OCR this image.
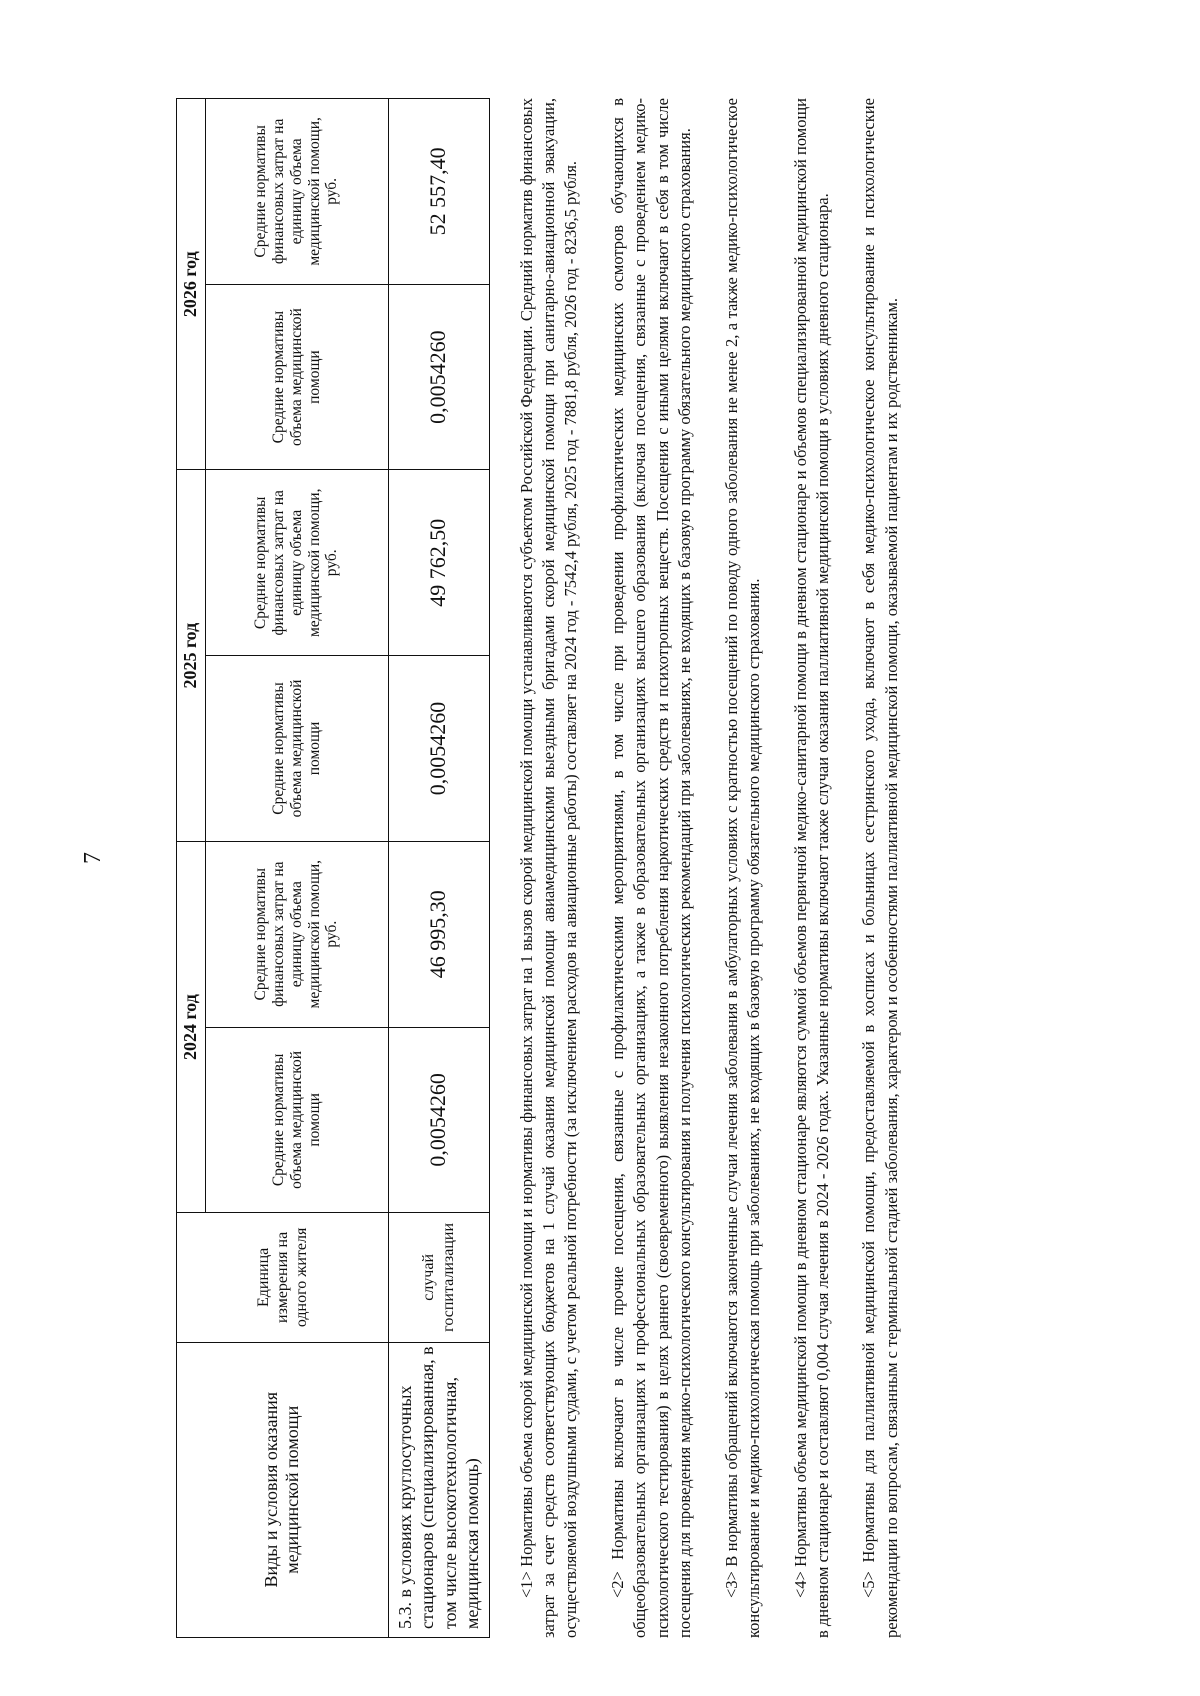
7
Виды и условия оказания медицинской помощи	Единица измерения на одного жителя	2024 год		2025 год		2026 год	
		Средние нормативы объема медицинской помощи	Средние нормативы финансовых затрат на единицу объема медицинской помощи, руб.	Средние нормативы объема медицинской помощи	Средние нормативы финансовых затрат на единицу объема медицинской помощи, руб.	Средние нормативы объема медицинской помощи	Средние нормативы финансовых затрат на единицу объема медицинской помощи, руб.
5.3. в условиях круглосуточных стационаров (специализированная, в том числе высокотехнологичная, медицинская помощь)	случай госпитализации	0,0054260	46 995,30	0,0054260	49 762,50	0,0054260	52 557,40	<1> Нормативы объема скорой медицинской помощи и нормативы финансовых затрат на 1 вызов скорой медицинской помощи устанавливаются субъектом Российской Федерации. Средний норматив финансовых затрат за счет средств соответствующих бюджетов на 1 случай оказания медицинской помощи авиамедицинскими выездными бригадами скорой медицинской помощи при санитарно-авиационной эвакуации, осуществляемой воздушными судами, с учетом реальной потребности (за исключением расходов на авиационные работы) составляет на 2024 год - 7542,4 рубля, 2025 год - 7881,8 рубля, 2026 год - 8236,5 рубля. <2> Нормативы включают в числе прочие посещения, связанные с профилактическими мероприятиями, в том числе при проведении профилактических медицинских осмотров обучающихся в общеобразовательных организациях и профессиональных образовательных организациях, а также в образовательных организациях высшего образования (включая посещения, связанные с проведением медико-психологического тестирования) в целях раннего (своевременного) выявления незаконного потребления наркотических средств и психотропных веществ. Посещения с иными целями включают в себя в том числе посещения для проведения медико-психологического консультирования и получения психологических рекомендаций при заболеваниях, не входящих в базовую программу обязательного медицинского страхования. <3> В нормативы обращений включаются законченные случаи лечения заболевания в амбулаторных условиях с кратностью посещений по поводу одного заболевания не менее 2, а также медико-психологическое консультирование и медико-психологическая помощь при заболеваниях, не входящих в базовую программу обязательного медицинского страхования. <4> Нормативы объема медицинской помощи в дневном стационаре являются суммой объемов первичной медико-санитарной помощи в дневном стационаре и объемов специализированной медицинской помощи в дневном стационаре и составляют 0,004 случая лечения в 2024 - 2026 годах. Указанные нормативы включают также случаи оказания паллиативной медицинской помощи в условиях дневного стационара. <5> Нормативы для паллиативной медицинской помощи, предоставляемой в хосписах и больницах сестринского ухода, включают в себя медико-психологическое консультирование и психологические рекомендации по вопросам, связанным с терминальной стадией заболевания, характером и особенностями паллиативной медицинской помощи, оказываемой пациентам и их родственникам.
